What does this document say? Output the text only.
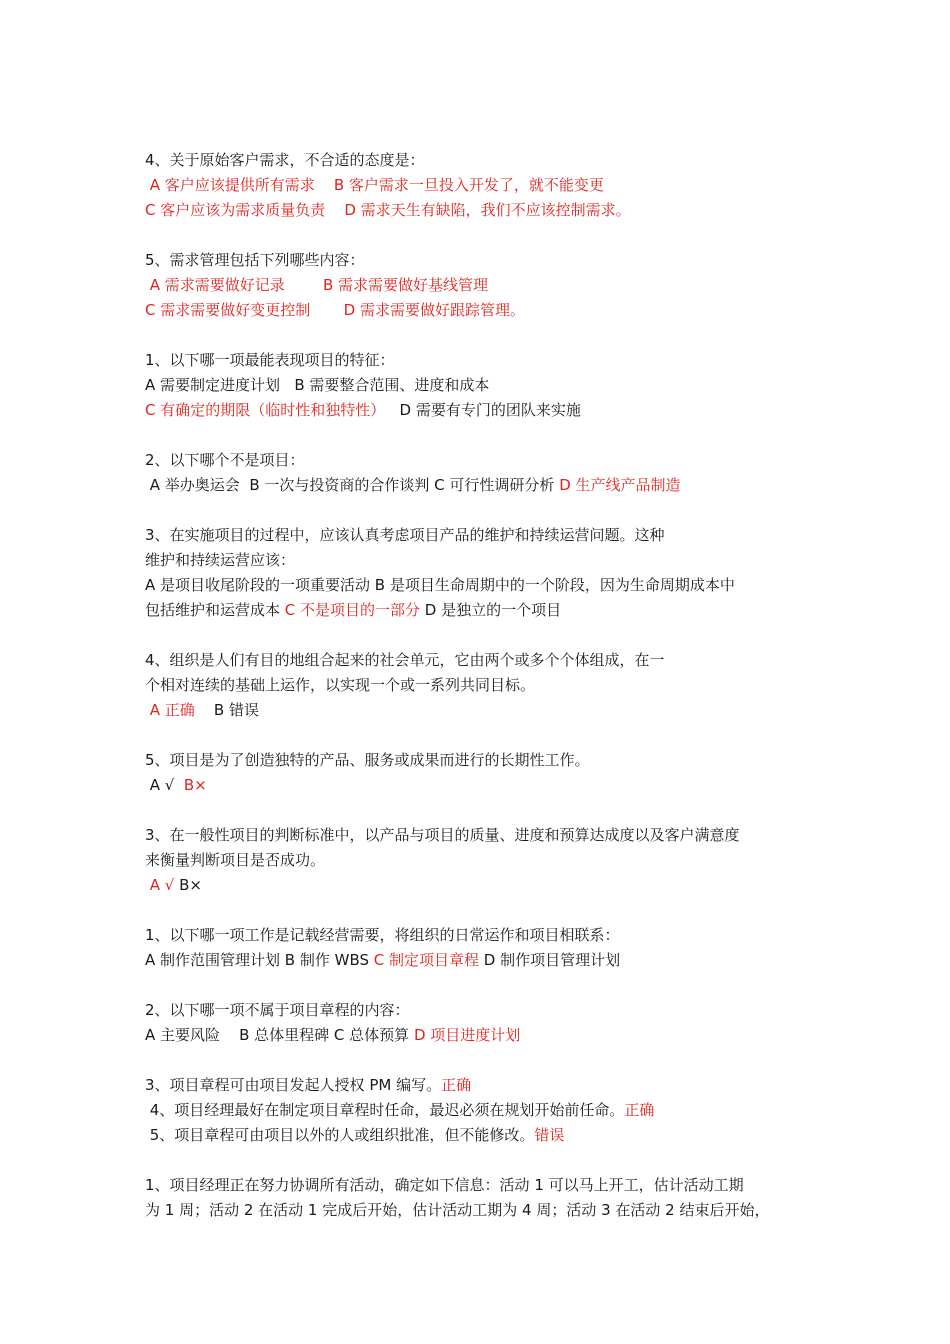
4、关于原始客户需求，不合适的态度是：
A 客户应该提供所有需求    B 客户需求一旦投入开发了，就不能变更
C 客户应该为需求质量负责    D 需求天生有缺陷，我们不应该控制需求。
5、需求管理包括下列哪些内容：
A 需求需要做好记录        B 需求需要做好基线管理
C 需求需要做好变更控制       D 需求需要做好跟踪管理。
1、以下哪一项最能表现项目的特征：
A 需要制定进度计划   B 需要整合范围、进度和成本
C 有确定的期限（临时性和独特性）   D 需要有专门的团队来实施
2、以下哪个不是项目：
A 举办奥运会  B 一次与投资商的合作谈判 C 可行性调研分析 D 生产线产品制造
3、在实施项目的过程中，应该认真考虑项目产品的维护和持续运营问题。这种
维护和持续运营应该：
A 是项目收尾阶段的一项重要活动 B 是项目生命周期中的一个阶段，因为生命周期成本中
包括维护和运营成本 C 不是项目的一部分 D 是独立的一个项目
4、组织是人们有目的地组合起来的社会单元，它由两个或多个个体组成，在一
个相对连续的基础上运作，以实现一个或一系列共同目标。
A 正确    B 错误
5、项目是为了创造独特的产品、服务或成果而进行的长期性工作。
A √  B×
3、在一般性项目的判断标准中，以产品与项目的质量、进度和预算达成度以及客户满意度
来衡量判断项目是否成功。
A √ B×
1、以下哪一项工作是记载经营需要，将组织的日常运作和项目相联系：
A 制作范围管理计划 B 制作 WBS C 制定项目章程 D 制作项目管理计划
2、以下哪一项不属于项目章程的内容：
A 主要风险    B 总体里程碑 C 总体预算 D 项目进度计划
3、项目章程可由项目发起人授权 PM 编写。正确
4、项目经理最好在制定项目章程时任命，最迟必须在规划开始前任命。正确
5、项目章程可由项目以外的人或组织批准，但不能修改。错误
1、项目经理正在努力协调所有活动，确定如下信息：活动 1 可以马上开工，估计活动工期
为 1 周；活动 2 在活动 1 完成后开始，估计活动工期为 4 周；活动 3 在活动 2 结束后开始，
